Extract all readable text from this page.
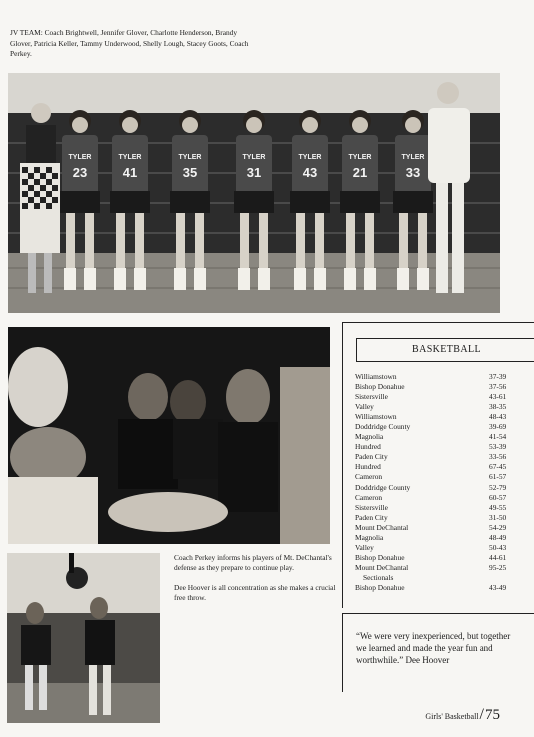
JV TEAM: Coach Brightwell, Jennifer Glover, Charlotte Henderson, Brandy Glover, Patricia Keller, Tammy Underwood, Shelly Lough, Stacey Goots, Coach Perkey.
TYLER
23
TYLER
41
TYLER
35
TYLER
31
TYLER
43
TYLER
21
TYLER
33
BASKETBALL
Williamstown	37-39
Bishop Donahue	37-56
Sistersville	43-61
Valley	38-35
Williamstown	48-43
Doddridge County	39-69
Magnolia	41-54
Hundred	53-39
Paden City	33-56
Hundred	67-45
Cameron	61-57
Doddridge County	52-79
Cameron	60-57
Sistersville	49-55
Paden City	31-50
Mount DeChantal	54-29
Magnolia	48-49
Valley	50-43
Bishop Donahue	44-61
Mount DeChantal	95-25
Sectionals
Bishop Donahue	43-49

Coach Perkey informs his players of Mt. DeChantal's defense as they prepare to continue play.

Dee Hoover is all concentration as she makes a crucial free throw.

“We were very inexperienced, but together we learned and made the year fun and worthwhile.” Dee Hoover
Girls' Basketball / 75
